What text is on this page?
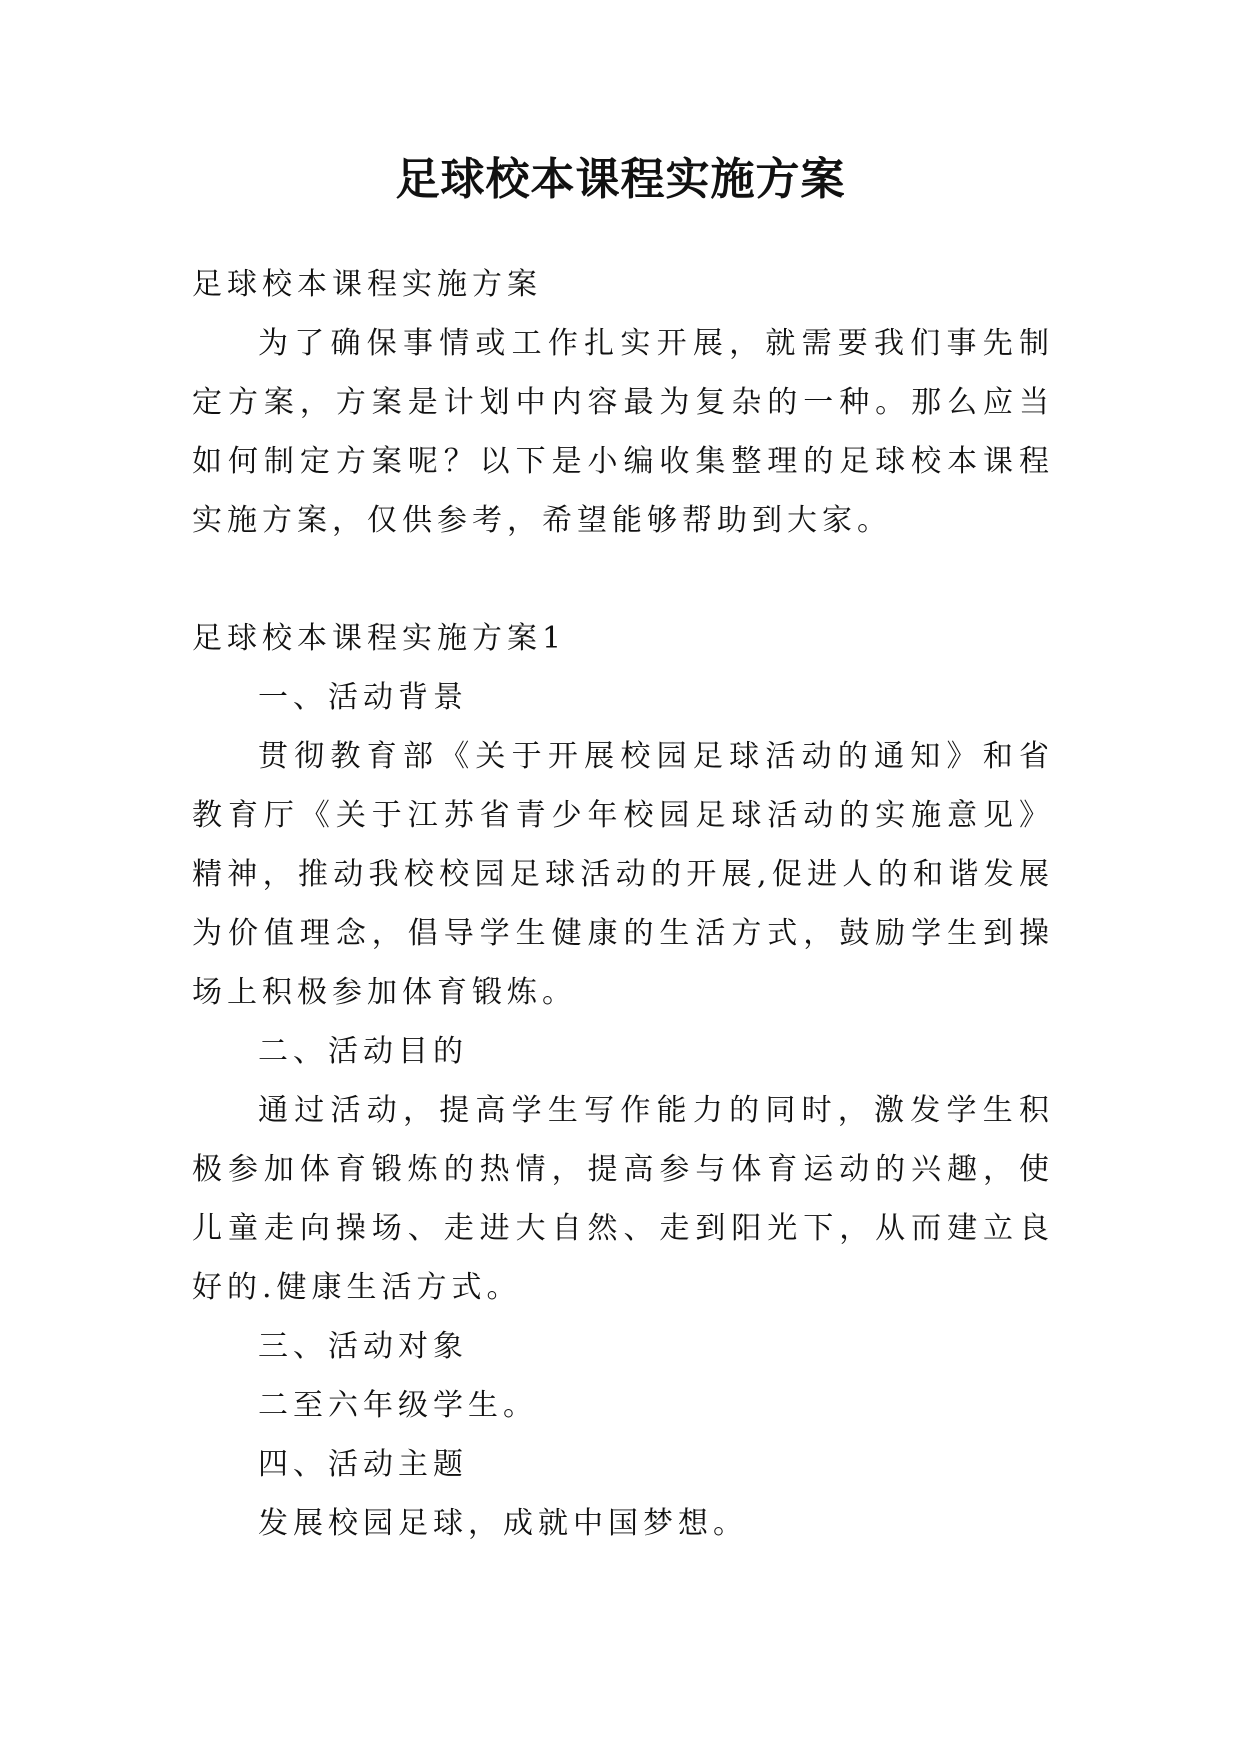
足球校本课程实施方案

足球校本课程实施方案

为了确保事情或工作扎实开展，就需要我们事先制定方案，方案是计划中内容最为复杂的一种。那么应当如何制定方案呢？以下是小编收集整理的足球校本课程实施方案，仅供参考，希望能够帮助到大家。

足球校本课程实施方案1

一、活动背景

贯彻教育部《关于开展校园足球活动的通知》和省教育厅《关于江苏省青少年校园足球活动的实施意见》精神，推动我校校园足球活动的开展,促进人的和谐发展为价值理念，倡导学生健康的生活方式，鼓励学生到操场上积极参加体育锻炼。

二、活动目的

通过活动，提高学生写作能力的同时，激发学生积极参加体育锻炼的热情，提高参与体育运动的兴趣，使儿童走向操场、走进大自然、走到阳光下，从而建立良好的.健康生活方式。

三、活动对象

二至六年级学生。

四、活动主题

发展校园足球，成就中国梦想。
